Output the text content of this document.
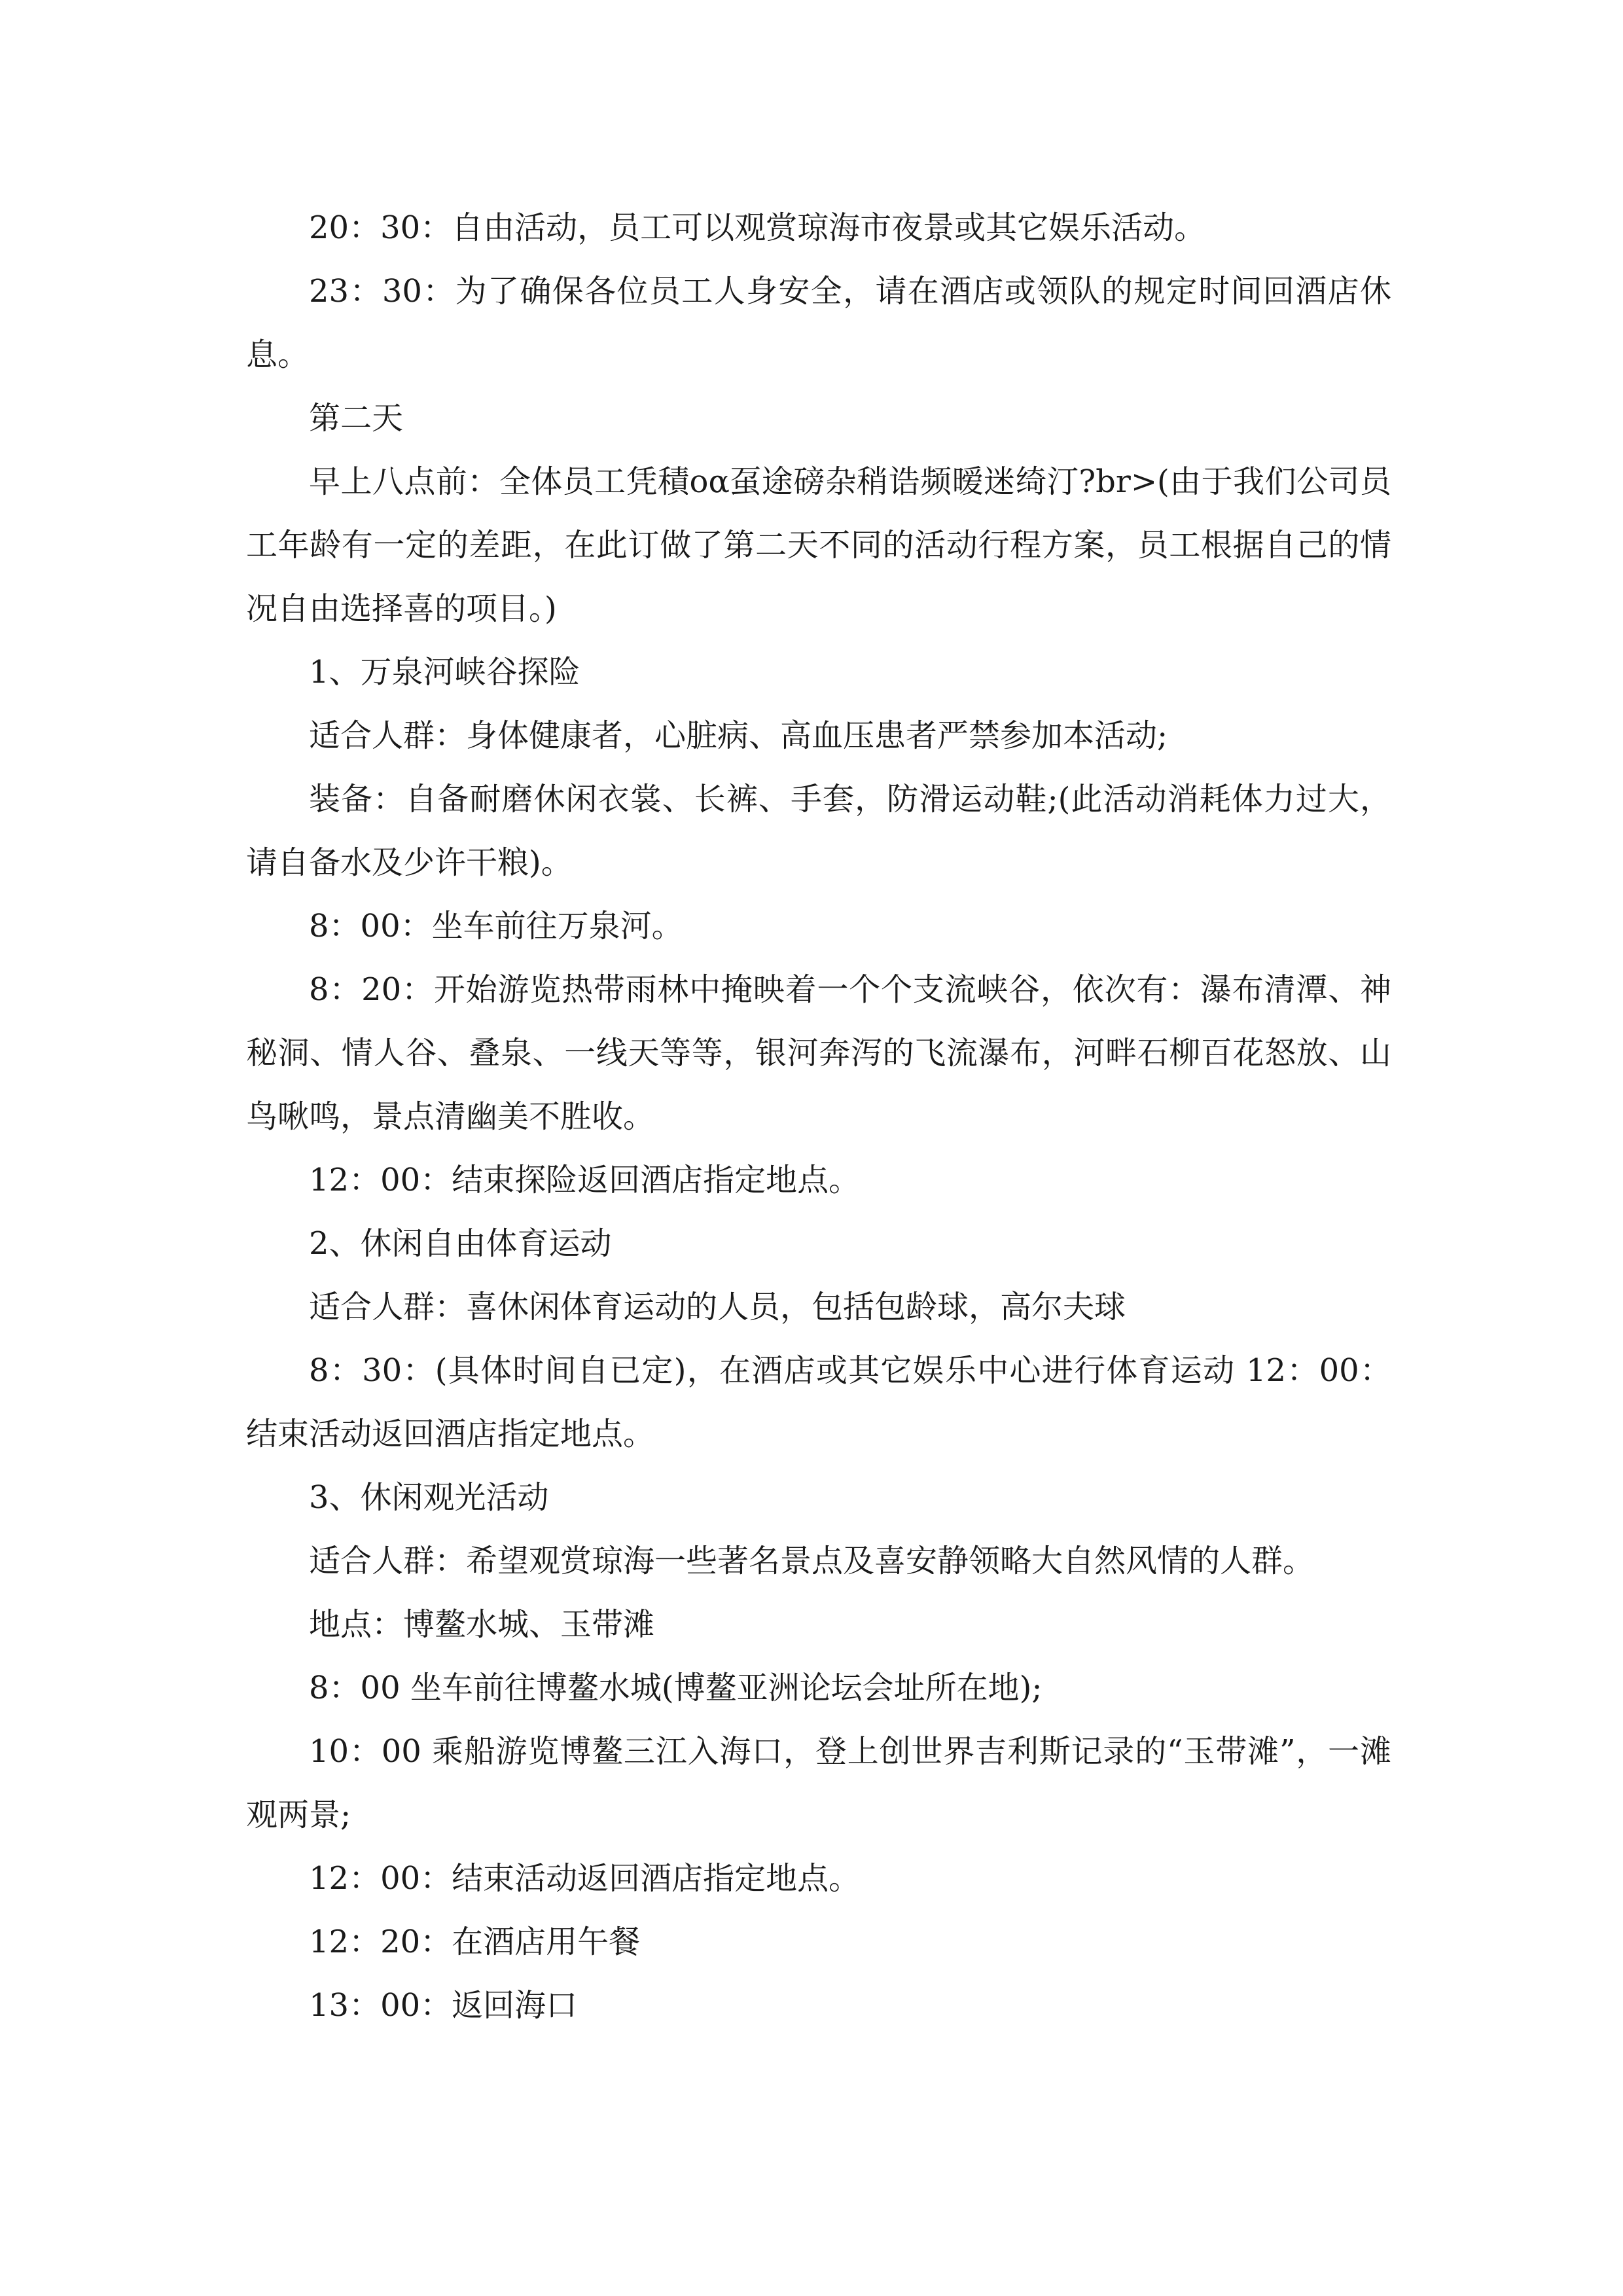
20：30：自由活动，员工可以观赏琼海市夜景或其它娱乐活动。

23：30：为了确保各位员工人身安全，请在酒店或领队的规定时间回酒店休息。

第二天

早上八点前：全体员工凭積oα虿途磅杂稍诰频暧迷绮汀?br>(由于我们公司员工年龄有一定的差距，在此订做了第二天不同的活动行程方案，员工根据自己的情况自由选择喜的项目。)

1、万泉河峡谷探险

适合人群：身体健康者，心脏病、高血压患者严禁参加本活动;

装备：自备耐磨休闲衣裳、长裤、手套，防滑运动鞋;(此活动消耗体力过大，请自备水及少许干粮)。

8：00：坐车前往万泉河。

8：20：开始游览热带雨林中掩映着一个个支流峡谷，依次有：瀑布清潭、神秘洞、情人谷、叠泉、一线天等等，银河奔泻的飞流瀑布，河畔石柳百花怒放、山鸟啾鸣，景点清幽美不胜收。

12：00：结束探险返回酒店指定地点。

2、休闲自由体育运动

适合人群：喜休闲体育运动的人员，包括包龄球，高尔夫球

8：30：(具体时间自已定)，在酒店或其它娱乐中心进行体育运动 12：00：结束活动返回酒店指定地点。

3、休闲观光活动

适合人群：希望观赏琼海一些著名景点及喜安静领略大自然风情的人群。

地点：博鳌水城、玉带滩

8：00 坐车前往博鳌水城(博鳌亚洲论坛会址所在地);

10：00 乘船游览博鳌三江入海口，登上创世界吉利斯记录的“玉带滩”，一滩观两景;

12：00：结束活动返回酒店指定地点。

12：20：在酒店用午餐

13：00：返回海口
